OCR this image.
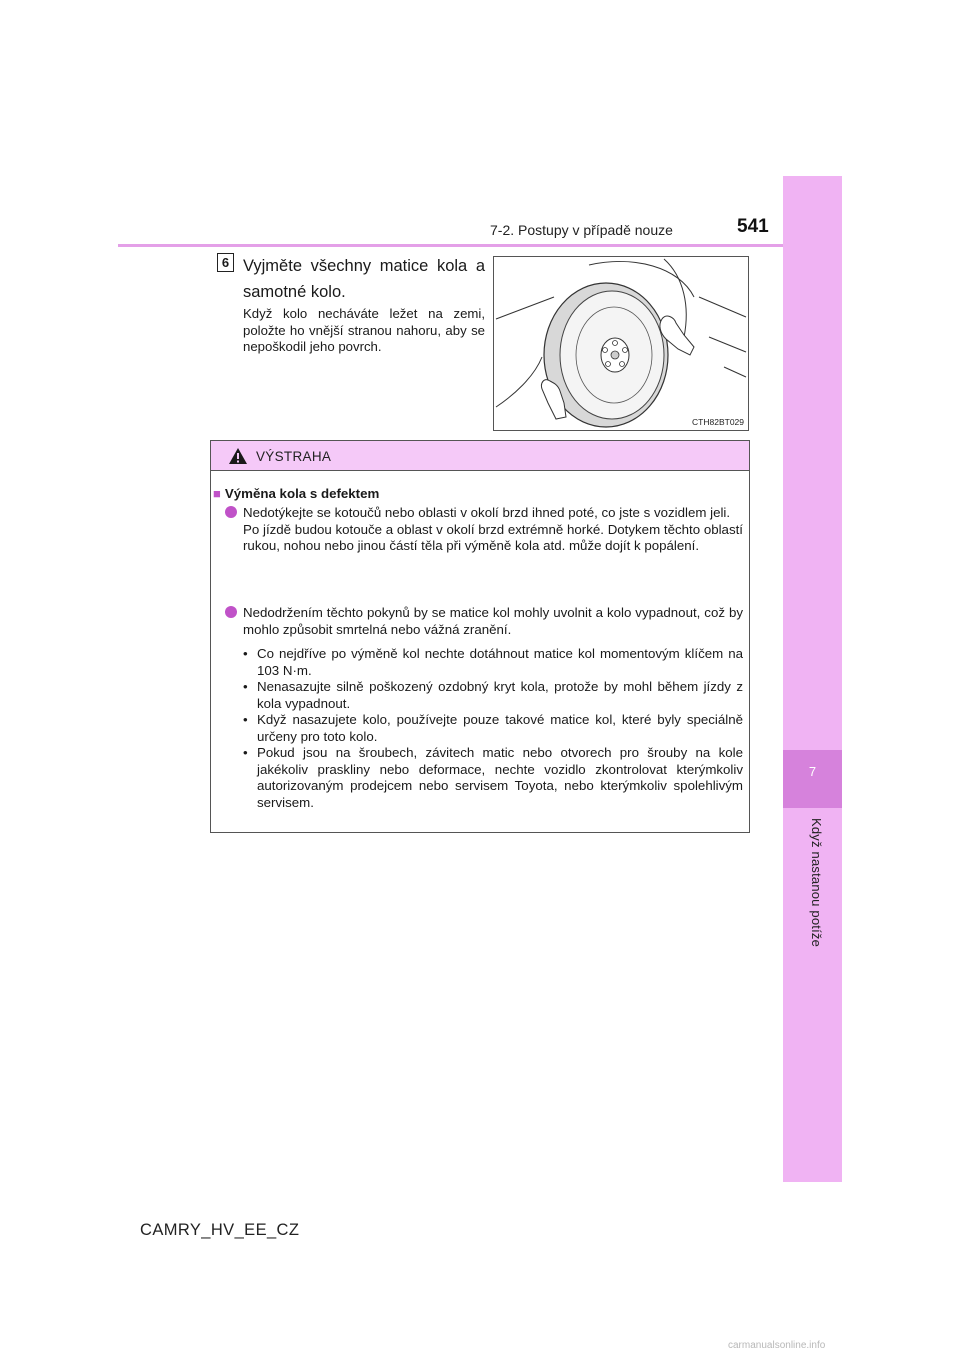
7
Když nastanou potíže
7-2. Postupy v případě nouze	541
6 Vyjměte všechny matice kola a samotné kolo.
Když kolo necháváte ležet na zemi, položte ho vnější stranou nahoru, aby se nepoškodil jeho povrch.
CTH82BT029
VÝSTRAHA
■ Výměna kola s defektem
Nedotýkejte se kotoučů nebo oblasti v okolí brzd ihned poté, co jste s vozidlem jeli.
Po jízdě budou kotouče a oblast v okolí brzd extrémně horké. Dotykem těchto oblastí rukou, nohou nebo jinou částí těla při výměně kola atd. může dojít k popálení.
Nedodržením těchto pokynů by se matice kol mohly uvolnit a kolo vypadnout, což by mohlo způsobit smrtelná nebo vážná zranění.
• Co nejdříve po výměně kol nechte dotáhnout matice kol momentovým klíčem na 103 N·m.
• Nenasazujte silně poškozený ozdobný kryt kola, protože by mohl během jízdy z kola vypadnout.
• Když nasazujete kolo, používejte pouze takové matice kol, které byly speciálně určeny pro toto kolo.
• Pokud jsou na šroubech, závitech matic nebo otvorech pro šrouby na kole jakékoliv praskliny nebo deformace, nechte vozidlo zkontrolovat kterýmkoliv autorizovaným prodejcem nebo servisem Toyota, nebo kterýmkoliv spolehlivým servisem.
CAMRY_HV_EE_CZ
carmanualsonline.info
